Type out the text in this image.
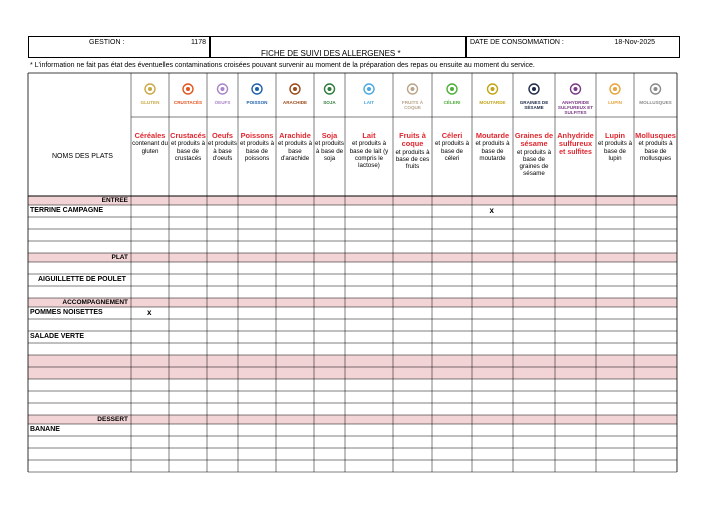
GESTION :	1178
FICHE DE SUIVI DES ALLERGENES *
DATE DE CONSOMMATION :	18-Nov-2025
* L'information ne fait pas état des éventuelles contaminations croisées pouvant survenir au moment de la préparation des repas ou ensuite au moment du service.
NOMS DES PLATS
GLUTEN
Céréales
contenant du gluten
CRUSTACÉS
Crustacés
et produits à base de crustacés
OEUFS
Oeufs
et produits à base d'oeufs
POISSON
Poissons
et produits à base de poissons
ARACHIDE
Arachide
et produits à base d'arachide
SOJA
Soja
et produits à base de soja
LAIT
Lait
et produits à base de lait (y compris le lactose)
FRUITS À COQUE
Fruits à coque
et produits à base de ces fruits
CÉLERI
Céleri
et produits à base de céleri
MOUTARDE
Moutarde
et produits à base de moutarde
GRAINES DE SÉSAME
Graines de sésame
et produits à base de graines de sésame
ANHYDRIDE SULFUREUX ET SULFITES
Anhydride sulfureux
et sulfites
LUPIN
Lupin
et produits à base de lupin
MOLLUSQUES
Mollusques
et produits à base de mollusques
ENTREE
TERRINE CAMPAGNE
PLAT
AIGUILLETTE DE POULET
ACCOMPAGNEMENT
POMMES NOISETTES
SALADE VERTE
DESSERT
BANANE
x
x
